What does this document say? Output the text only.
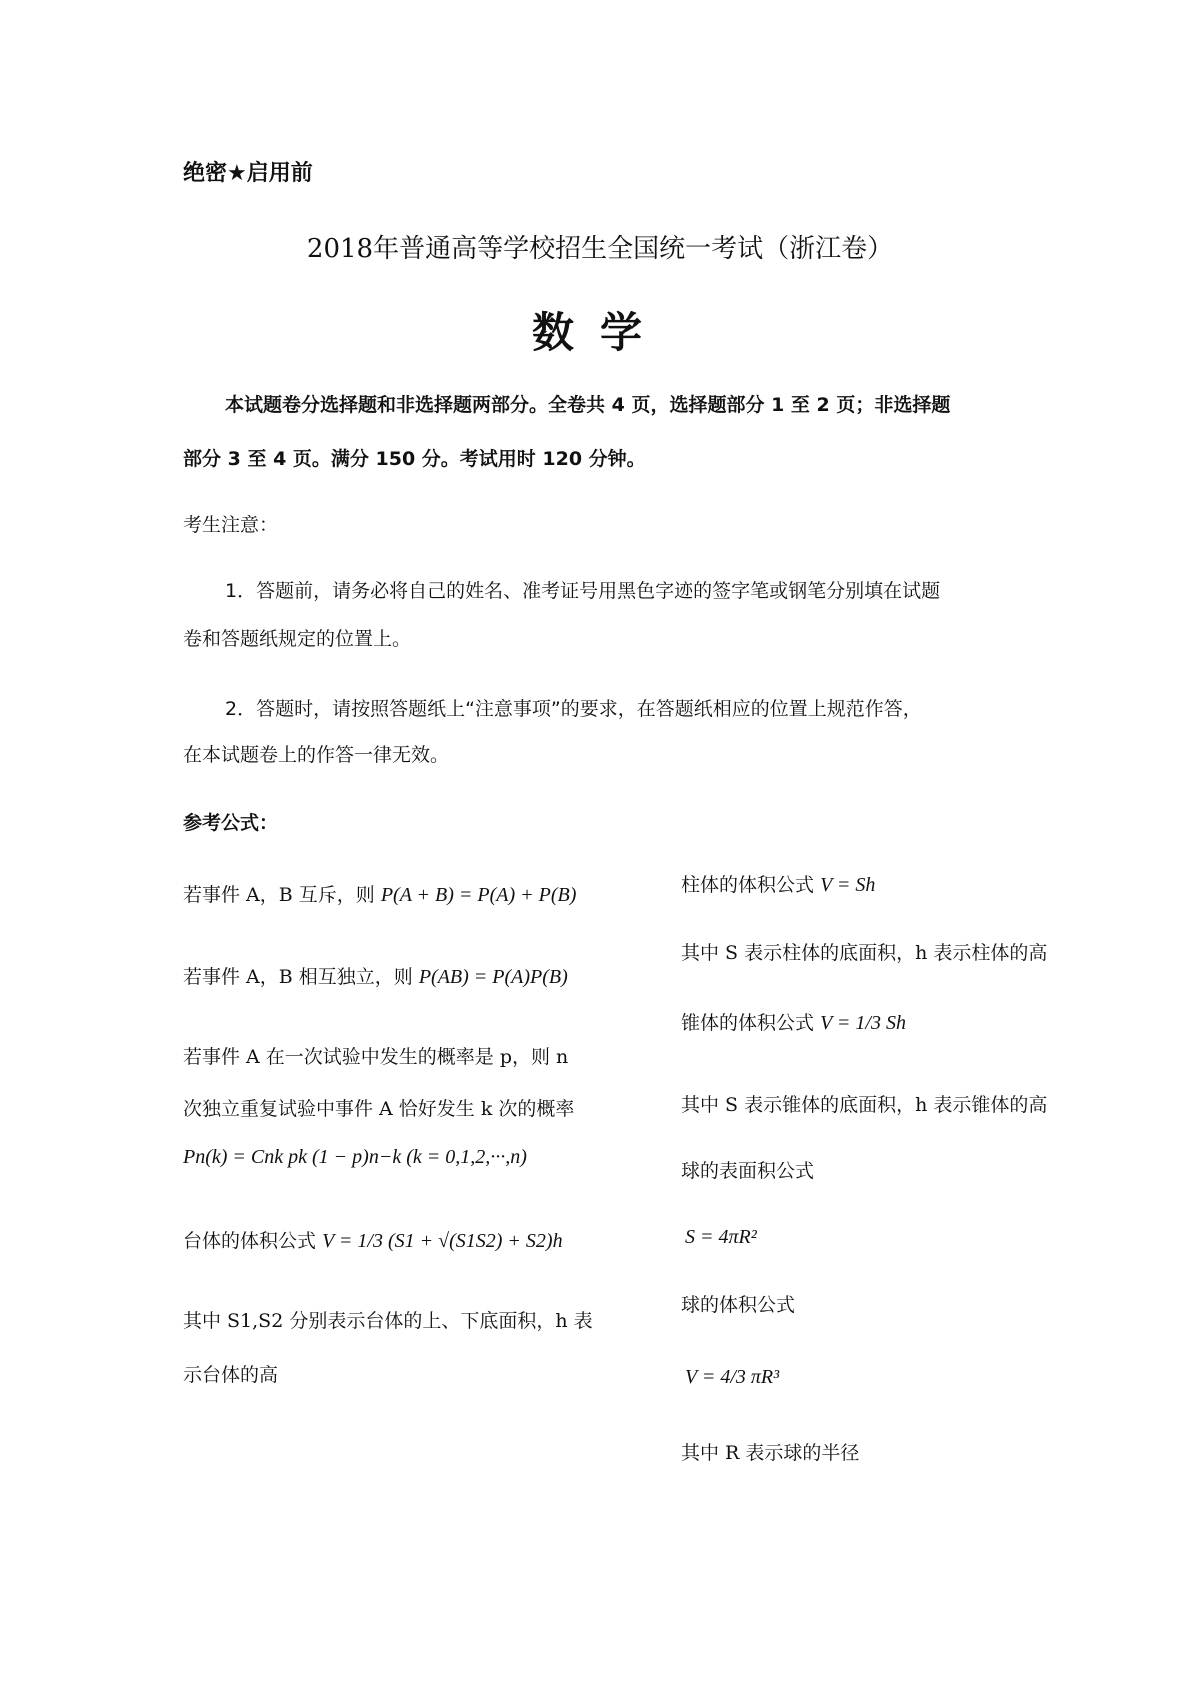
绝密★启用前
2018年普通高等学校招生全国统一考试（浙江卷）
数学
本试题卷分选择题和非选择题两部分。全卷共 4 页，选择题部分 1 至 2 页；非选择题
部分 3 至 4 页。满分 150 分。考试用时 120 分钟。
考生注意：
1．答题前，请务必将自己的姓名、准考证号用黑色字迹的签字笔或钢笔分别填在试题
卷和答题纸规定的位置上。
2．答题时，请按照答题纸上“注意事项”的要求，在答题纸相应的位置上规范作答，
在本试题卷上的作答一律无效。
参考公式：
若事件 A，B 互斥，则 P(A + B) = P(A) + P(B)
若事件 A，B 相互独立，则 P(AB) = P(A)P(B)
若事件 A 在一次试验中发生的概率是 p，则 n
次独立重复试验中事件 A 恰好发生 k 次的概率
Pn(k) = Cnk pk (1 − p)n−k (k = 0,1,2,···,n)
台体的体积公式 V = 1/3 (S1 + √(S1S2) + S2)h
其中 S1,S2 分别表示台体的上、下底面积，h 表
示台体的高
柱体的体积公式 V = Sh
其中 S 表示柱体的底面积，h 表示柱体的高
锥体的体积公式 V = 1/3 Sh
其中 S 表示锥体的底面积，h 表示锥体的高
球的表面积公式
S = 4πR²
球的体积公式
V = 4/3 πR³
其中 R 表示球的半径
